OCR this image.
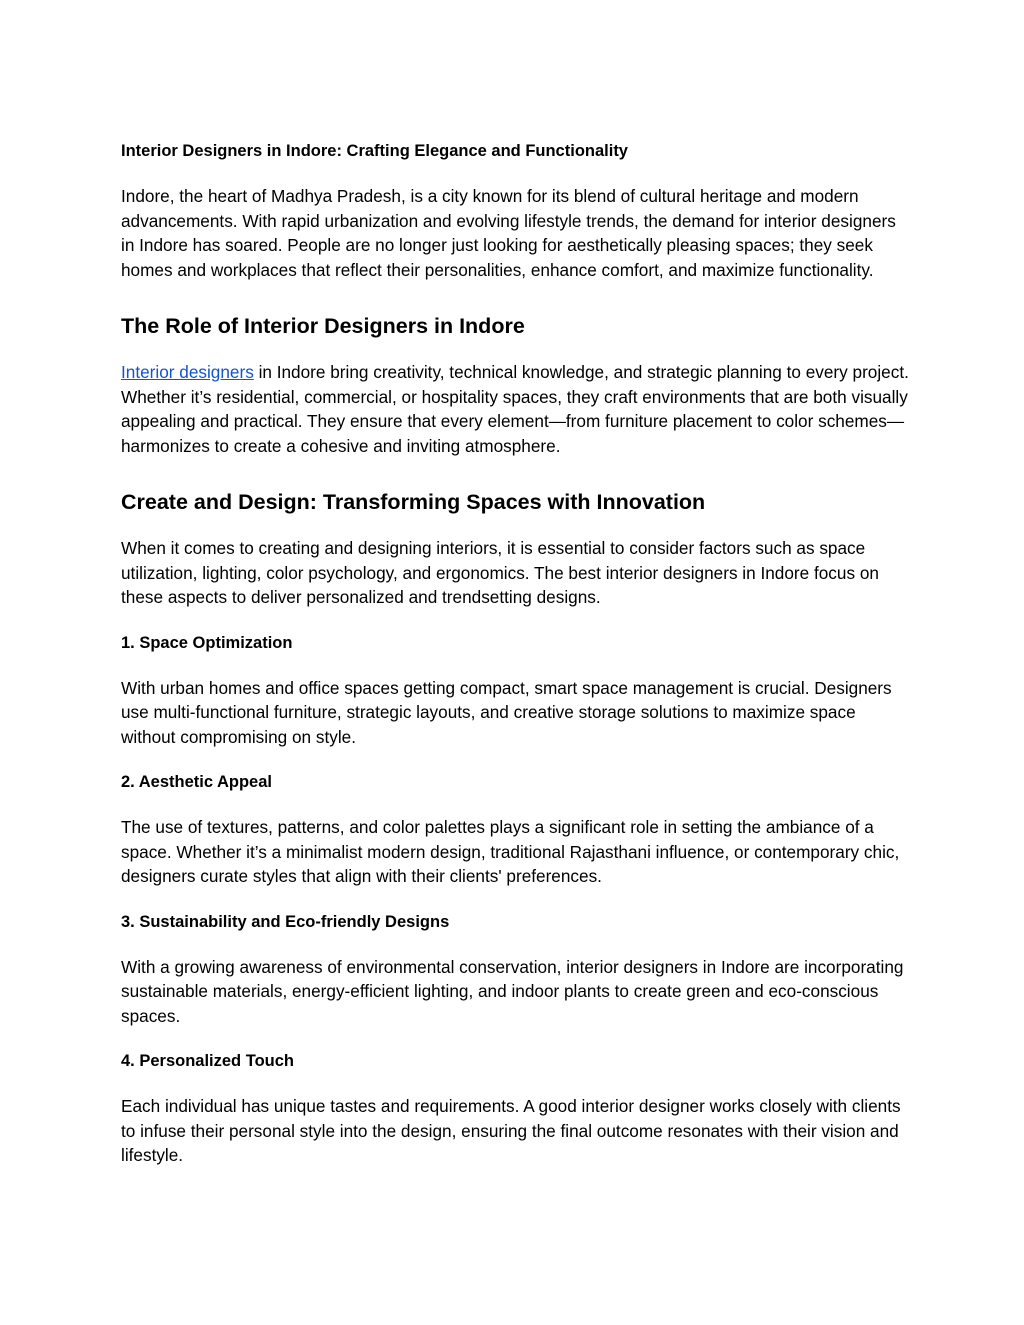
Interior Designers in Indore: Crafting Elegance and Functionality

Indore, the heart of Madhya Pradesh, is a city known for its blend of cultural heritage and modern advancements. With rapid urbanization and evolving lifestyle trends, the demand for interior designers in Indore has soared. People are no longer just looking for aesthetically pleasing spaces; they seek homes and workplaces that reflect their personalities, enhance comfort, and maximize functionality.

The Role of Interior Designers in Indore

Interior designers in Indore bring creativity, technical knowledge, and strategic planning to every project. Whether it’s residential, commercial, or hospitality spaces, they craft environments that are both visually appealing and practical. They ensure that every element—from furniture placement to color schemes—harmonizes to create a cohesive and inviting atmosphere.

Create and Design: Transforming Spaces with Innovation

When it comes to creating and designing interiors, it is essential to consider factors such as space utilization, lighting, color psychology, and ergonomics. The best interior designers in Indore focus on these aspects to deliver personalized and trendsetting designs.

1. Space Optimization

With urban homes and office spaces getting compact, smart space management is crucial. Designers use multi-functional furniture, strategic layouts, and creative storage solutions to maximize space without compromising on style.

2. Aesthetic Appeal

The use of textures, patterns, and color palettes plays a significant role in setting the ambiance of a space. Whether it’s a minimalist modern design, traditional Rajasthani influence, or contemporary chic, designers curate styles that align with their clients' preferences.

3. Sustainability and Eco-friendly Designs

With a growing awareness of environmental conservation, interior designers in Indore are incorporating sustainable materials, energy-efficient lighting, and indoor plants to create green and eco-conscious spaces.

4. Personalized Touch

Each individual has unique tastes and requirements. A good interior designer works closely with clients to infuse their personal style into the design, ensuring the final outcome resonates with their vision and lifestyle.
